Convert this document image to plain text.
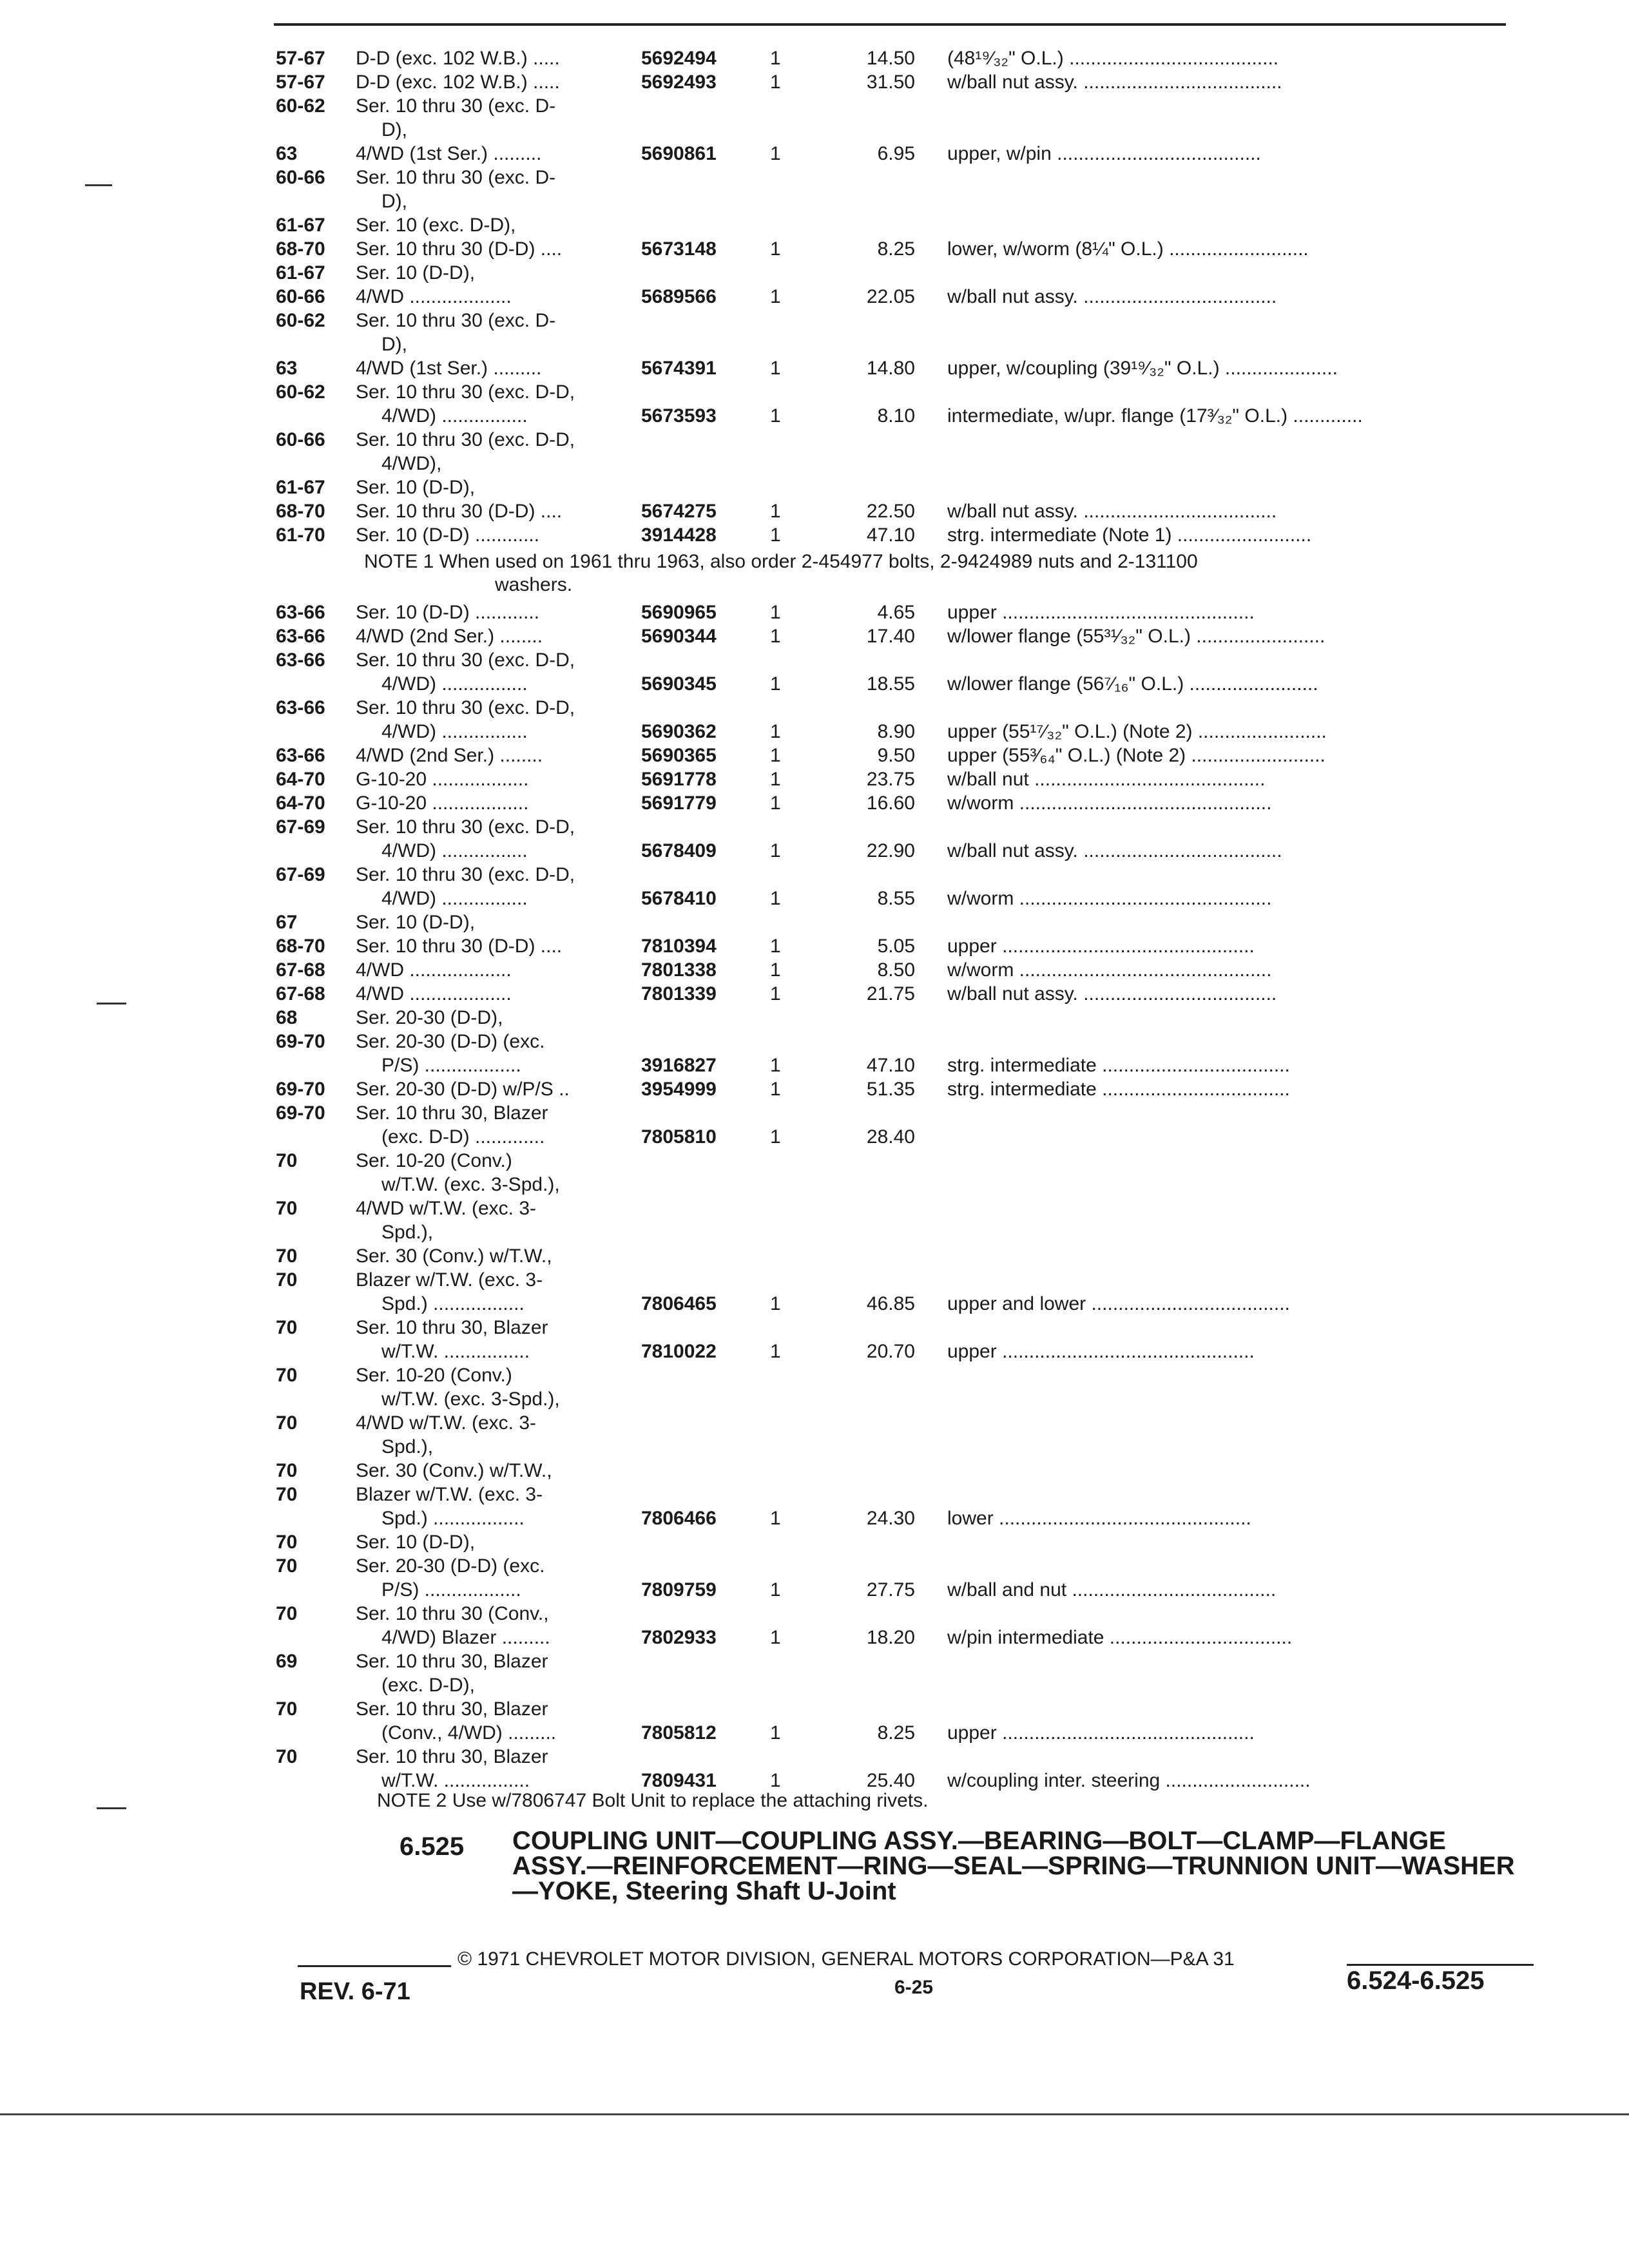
57-67	D-D (exc. 102 W.B.) .....	5692494	1	14.50 (48¹⁹⁄₃₂" O.L.) .......................................
57-67	D-D (exc. 102 W.B.) .....	5692493	1	31.50 w/ball nut assy. .....................................
60-62	Ser. 10 thru 30 (exc. D-
D),
63	4/WD (1st Ser.) .........	5690861	1	6.95 upper, w/pin ......................................
60-66	Ser. 10 thru 30 (exc. D-
D),
61-67	Ser. 10 (exc. D-D),
68-70	Ser. 10 thru 30 (D-D) ....	5673148	1	8.25 lower, w/worm (8¼" O.L.) ..........................
61-67	Ser. 10 (D-D),
60-66	4/WD ...................	5689566	1	22.05 w/ball nut assy. ....................................
60-62	Ser. 10 thru 30 (exc. D-
D),
63	4/WD (1st Ser.) .........	5674391	1	14.80 upper, w/coupling (39¹⁹⁄₃₂" O.L.) .....................
60-62	Ser. 10 thru 30 (exc. D-D,
4/WD) ................	5673593	1	8.10 intermediate, w/upr. flange (17³⁄₃₂" O.L.) .............
60-66	Ser. 10 thru 30 (exc. D-D,
4/WD),
61-67	Ser. 10 (D-D),
68-70	Ser. 10 thru 30 (D-D) ....	5674275	1	22.50 w/ball nut assy. ....................................
61-70	Ser. 10 (D-D) ............	3914428	1	47.10 strg. intermediate (Note 1) .........................
NOTE 1 When used on 1961 thru 1963, also order 2-454977 bolts, 2-9424989 nuts and 2-131100
washers.
63-66	Ser. 10 (D-D) ............	5690965	1	4.65 upper ...............................................
63-66	4/WD (2nd Ser.) ........	5690344	1	17.40 w/lower flange (55³¹⁄₃₂" O.L.) ........................
63-66	Ser. 10 thru 30 (exc. D-D,
4/WD) ................	5690345	1	18.55 w/lower flange (56⁷⁄₁₆" O.L.) ........................
63-66	Ser. 10 thru 30 (exc. D-D,
4/WD) ................	5690362	1	8.90 upper (55¹⁷⁄₃₂" O.L.) (Note 2) ........................
63-66	4/WD (2nd Ser.) ........	5690365	1	9.50 upper (55³⁄₆₄" O.L.) (Note 2) .........................
64-70	G-10-20 ..................	5691778	1	23.75 w/ball nut ...........................................
64-70	G-10-20 ..................	5691779	1	16.60 w/worm ...............................................
67-69	Ser. 10 thru 30 (exc. D-D,
4/WD) ................	5678409	1	22.90 w/ball nut assy. .....................................
67-69	Ser. 10 thru 30 (exc. D-D,
4/WD) ................	5678410	1	8.55 w/worm ...............................................
67	Ser. 10 (D-D),
68-70	Ser. 10 thru 30 (D-D) ....	7810394	1	5.05 upper ...............................................
67-68	4/WD ...................	7801338	1	8.50 w/worm ...............................................
67-68	4/WD ...................	7801339	1	21.75 w/ball nut assy. ....................................
68	Ser. 20-30 (D-D),
69-70	Ser. 20-30 (D-D) (exc.
P/S) ..................	3916827	1	47.10 strg. intermediate ...................................
69-70	Ser. 20-30 (D-D) w/P/S ..	3954999	1	51.35 strg. intermediate ...................................
69-70	Ser. 10 thru 30, Blazer
(exc. D-D) .............	7805810	1	28.40
70	Ser. 10-20 (Conv.)
w/T.W. (exc. 3-Spd.),
70	4/WD w/T.W. (exc. 3-
Spd.),
70	Ser. 30 (Conv.) w/T.W.,
70	Blazer w/T.W. (exc. 3-
Spd.) .................	7806465	1	46.85 upper and lower .....................................
70	Ser. 10 thru 30, Blazer
w/T.W. ................	7810022	1	20.70 upper ...............................................
70	Ser. 10-20 (Conv.)
w/T.W. (exc. 3-Spd.),
70	4/WD w/T.W. (exc. 3-
Spd.),
70	Ser. 30 (Conv.) w/T.W.,
70	Blazer w/T.W. (exc. 3-
Spd.) .................	7806466	1	24.30 lower ...............................................
70	Ser. 10 (D-D),
70	Ser. 20-30 (D-D) (exc.
P/S) ..................	7809759	1	27.75 w/ball and nut ......................................
70	Ser. 10 thru 30 (Conv.,
4/WD) Blazer .........	7802933	1	18.20 w/pin intermediate ..................................
69	Ser. 10 thru 30, Blazer
(exc. D-D),
70	Ser. 10 thru 30, Blazer
(Conv., 4/WD) .........	7805812	1	8.25 upper ...............................................
70	Ser. 10 thru 30, Blazer
w/T.W. ................	7809431	1	25.40 w/coupling inter. steering ...........................
NOTE 2 Use w/7806747 Bolt Unit to replace the attaching rivets.
6.525 COUPLING UNIT—COUPLING ASSY.—BEARING—BOLT—CLAMP—FLANGE ASSY.—REINFORCEMENT—RING—SEAL—SPRING—TRUNNION UNIT—WASHER—YOKE, Steering Shaft U-Joint
© 1971 CHEVROLET MOTOR DIVISION, GENERAL MOTORS CORPORATION—P&A 31
REV. 6-71	6-25	6.524-6.525
